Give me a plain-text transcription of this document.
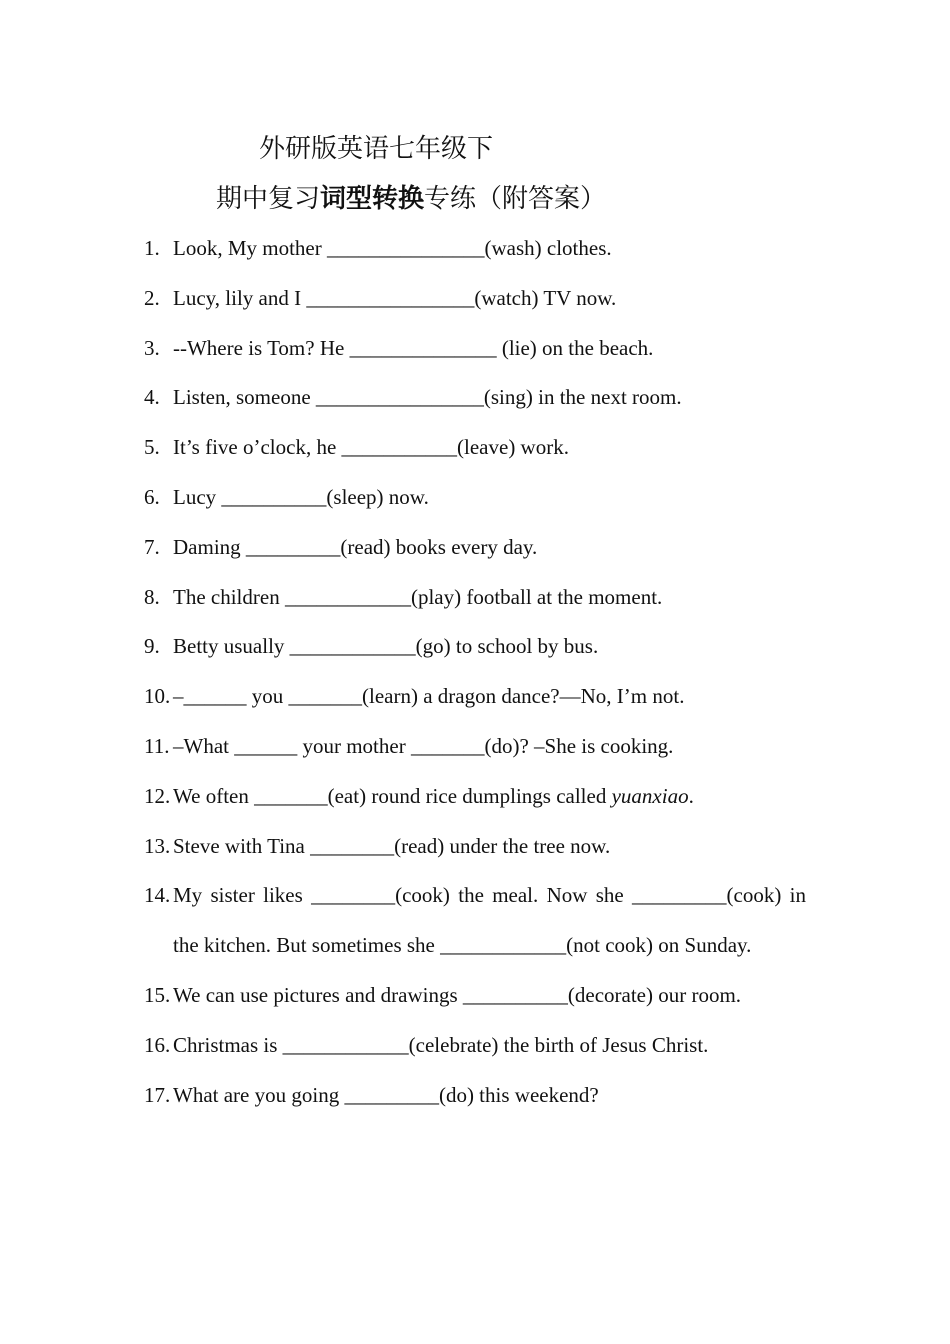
外研版英语七年级下
期中复习词型转换专练（附答案）
1. Look, My mother _______________(wash) clothes.
2. Lucy, lily and I ________________(watch) TV now.
3. --Where is Tom? He ______________ (lie) on the beach.
4. Listen, someone ________________(sing) in the next room.
5. It’s five o’clock, he ___________(leave) work.
6. Lucy __________(sleep) now.
7. Daming _________(read) books every day.
8. The children ____________(play) football at the moment.
9. Betty usually ____________(go) to school by bus.
10. –______ you _______(learn) a dragon dance?—No, I’m not.
11. –What ______ your mother _______(do)? –She is cooking.
12. We often _______(eat) round rice dumplings called yuanxiao.
13. Steve with Tina ________(read) under the tree now.
14. My sister likes ________(cook) the meal. Now she _________(cook) in the kitchen. But sometimes she ____________(not cook) on Sunday.
15. We can use pictures and drawings __________(decorate) our room.
16. Christmas is ____________(celebrate) the birth of Jesus Christ.
17. What are you going _________(do) this weekend?
